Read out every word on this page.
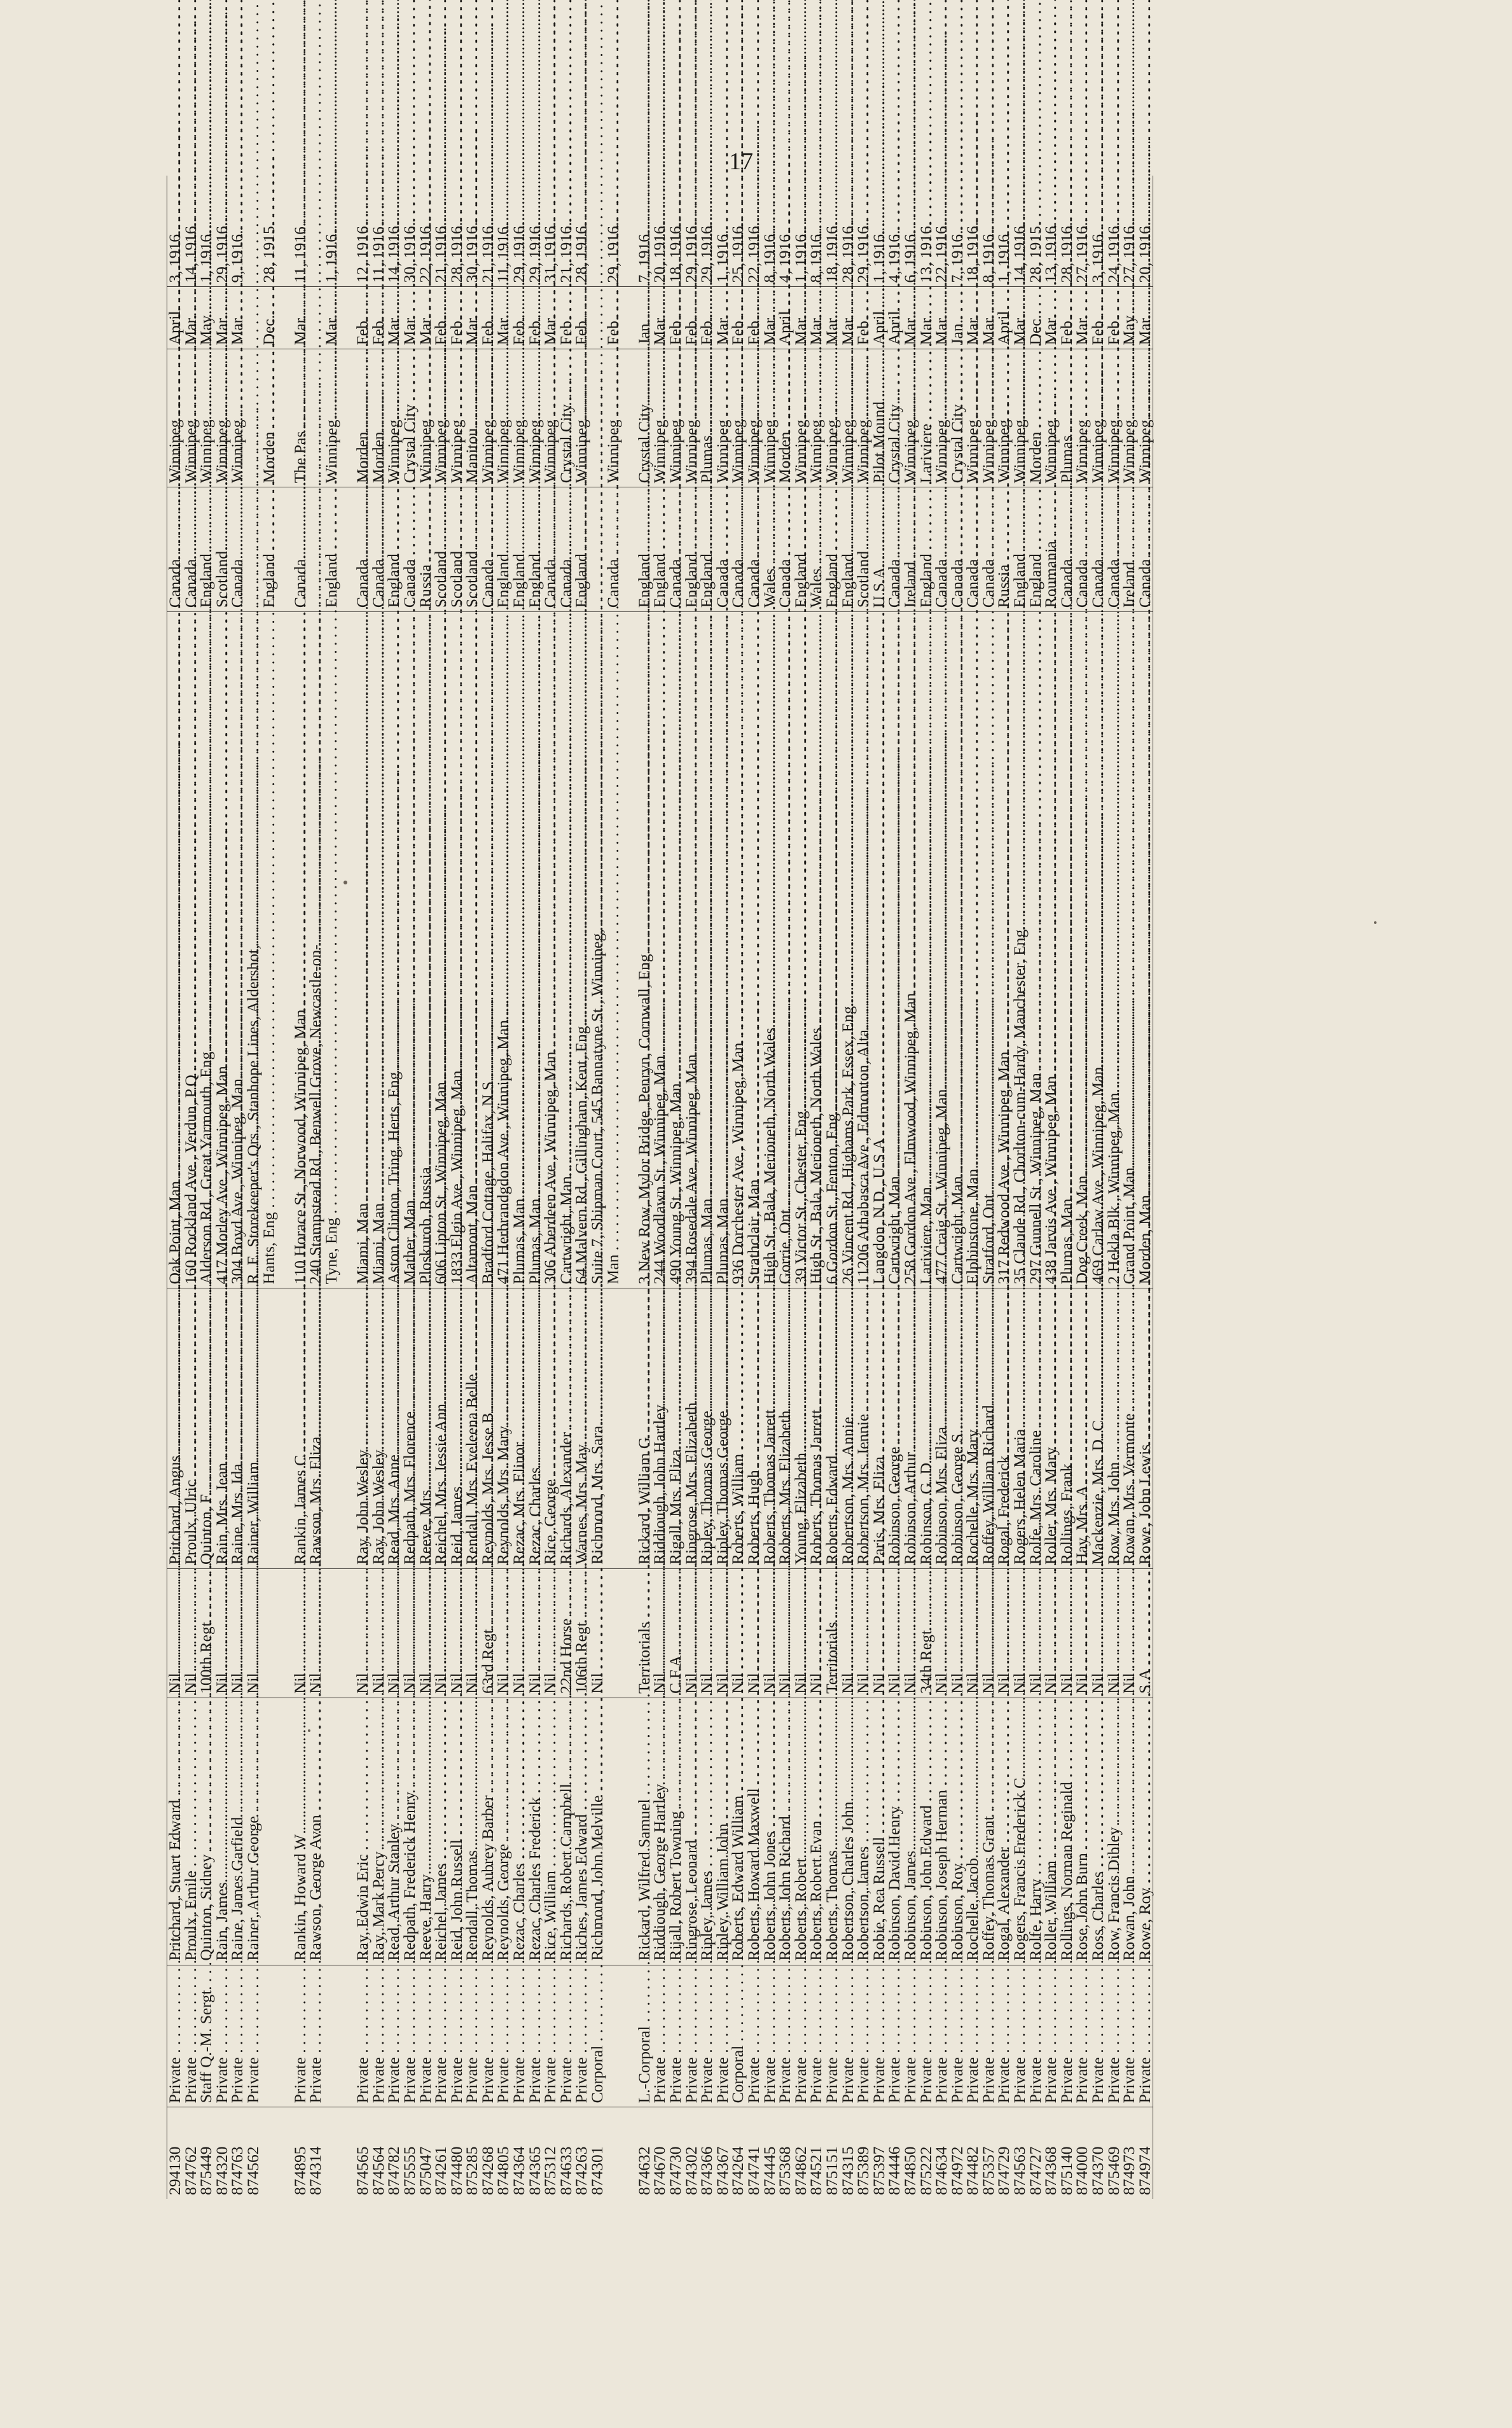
17
294130	Private . . .	Pritchard, Stuart Edward . . .	Nil . . .	Pritchard, Angus . . .	Oak Point, Man . . .	Canada . . .	Winnipeg . . .	April	3, 1916.
874762	Private . . .	Proulx, Emile . . .	Nil . . .	Proulx, Ulric . . .	160 Rockland Ave., Verdun, P.Q . . .	Canada . . .	Winnipeg . . .	Mar.	14, 1916.
875449	Staff Q.-M. Sergt. . . .	Quinton, Sidney . . .	100th Regt . . .	Quinton, F . . .	Alderson Rd., Great Yarmouth, Eng . . .	England . . .	Winnipeg . . .	May	1, 1916.
874320	Private . . .	Rain, James . . .	Nil . . .	Rain, Mrs. Jean . . .	417 Morley Ave., Winnipeg, Man . . .	Scotland . . .	Winnipeg . . .	Mar.	29, 1916.
874763	Private . . .	Raine, James Garfield . . .	Nil . . .	Raine, Mrs. Ida . . .	304 Boyd Ave., Winnipeg, Man . . .	Canada . . .	Winnipeg . . .	Mar.	9, 1916.
874562	Private . . .	Rainer, Arthur George . . .	Nil . . .	Rainer, William . . .	R. E. Storekeeper's Qrs., Stanhope Lines, Aldershot, . . .				
					Hants, Eng . . .	England . . .	Morden . . .	Dec.	28, 1915.

874895	Private . . .	Rankin, Howard W . . .	Nil . . .	Rankin, James C . . .	110 Horace St., Norwood, Winnipeg, Man . . .	Canada . . .	The Pas . . .	Mar.	11, 1916.
874314	Private . . .	Rawson, George Avon . . .	Nil . . .	Rawson, Mrs. Eliza . . .	240 Stampstead Rd., Benwell Grove, Newcastle-on- . . .				
					Tyne, Eng . . .	England . . .	Winnipeg . . .	Mar.	1, 1916.

874565	Private . . .	Ray, Edwin Eric . . .	Nil . . .	Ray, John Wesley . . .	Miami, Man . . .	Canada . . .	Morden . . .	Feb.	12, 1916.
874564	Private . . .	Ray, Mark Percy . . .	Nil . . .	Ray, John Wesley . . .	Miami, Man . . .	Canada . . .	Morden . . .	Feb.	11, 1916.
874782	Private . . .	Read, Arthur Stanley . . .	Nil . . .	Read, Mrs. Anne . . .	Aston Clinton, Tring, Herts, Eng . . .	England . . .	Winnipeg . . .	Mar.	14, 1916.
875555	Private . . .	Redpath, Frederick Henry . . .	Nil . . .	Redpath, Mrs. Florence . . .	Mather, Man . . .	Canada . . .	Crystal City . . .	Mar.	30, 1916.
875047	Private . . .	Reeve, Harry . . .	Nil . . .	Reeve, Mrs . . .	Ploskurob, Russia . . .	Russia . . .	Winnipeg . . .	Mar.	22, 1916.
874261	Private . . .	Reichel, James . . .	Nil . . .	Reichel, Mrs. Jessie Ann . . .	606 Lipton St., Winnipeg, Man . . .	Scotland . . .	Winnipeg . . .	Feb.	21, 1916.
874480	Private . . .	Reid, John Russell . . .	Nil . . .	Reid, James . . .	1833 Elgin Ave., Winnipeg, Man . . .	Scotland . . .	Winnipeg . . .	Feb.	28, 1916.
875285	Private . . .	Rendall, Thomas . . .	Nil . . .	Rendall, Mrs. Eveleena Belle . . .	Altamont, Man . . .	Scotland . . .	Manitou . . .	Mar.	30, 1916.
874268	Private . . .	Reynolds, Aubrey Barber . . .	63rd Regt . . .	Reynolds, Mrs. Jesse B . . .	Bradford Cottage, Halifax, N.S . . .	Canada . . .	Winnipeg . . .	Feb.	21, 1916.
874805	Private . . .	Reynolds, George . . .	Nil . . .	Reynolds, Mrs. Mary . . .	471 Herbrandgdon Ave., Winnipeg, Man . . .	England . . .	Winnipeg . . .	Mar.	11, 1916.
874364	Private . . .	Rezac, Charles . . .	Nil . . .	Rezac, Mrs. Elinor . . .	Plumas, Man . . .	England . . .	Winnipeg . . .	Feb.	29, 1916.
874365	Private . . .	Rezac, Charles Frederick . . .	Nil . . .	Rezac, Charles . . .	Plumas, Man . . .	England . . .	Winnipeg . . .	Feb.	29, 1916.
875312	Private . . .	Rice, William . . .	Nil . . .	Rice, George . . .	306 Aberdeen Ave., Winnipeg, Man . . .	Canada . . .	Winnipeg . . .	Mar.	31, 1916.
874633	Private . . .	Richards, Robert Campbell . . .	22nd Horse . . .	Richards, Alexander . . .	Cartwright, Man . . .	Canada . . .	Crystal City . . .	Feb.	21, 1916.
874263	Private . . .	Riches, James Edward . . .	106th Regt . . .	Warnes, Mrs. May . . .	64 Malvern Rd., Gillingham, Kent, Eng . . .	England . . .	Winnipeg . . .	Feb.	28, 1916.
874301	Corporal . . .	Richmond, John Melville . . .	Nil . . .	Richmond, Mrs. Sara . . .	Suite 7, Shipman Court, 545 Bannatyne St., Winnipeg, . . .				
					Man . . .	Canada . . .	Winnipeg . . .	Feb.	29, 1916.

874632	L.-Corporal . . .	Rickard, Wilfred Samuel . . .	Territorials . . .	Rickard, William G . . .	3 New Row, Mylor Bridge, Penryn, Cornwall, Eng . . .	England . . .	Crystal City . . .	Jan.	7, 1916.
874670	Private . . .	Riddiough, George Hartley . . .	Nil . . .	Riddiough, John Hartley . . .	244 Woodlawn St., Winnipeg, Man . . .	England . . .	Winnipeg . . .	Mar.	20, 1916.
874730	Private . . .	Rijall, Robert Towning . . .	C.F.A . . .	Rigall, Mrs. Eliza . . .	490 Young St., Winnipeg, Man . . .	Canada . . .	Winnipeg . . .	Feb.	18, 1916.
874302	Private . . .	Ringrose, Leonard . . .	Nil . . .	Ringrose, Mrs. Elizabeth . . .	394 Rosedale Ave., Winnipeg, Man . . .	England . . .	Winnipeg . . .	Feb.	29, 1916.
874366	Private . . .	Ripley, James . . .	Nil . . .	Ripley, Thomas George . . .	Plumas, Man . . .	England . . .	Plumas . . .	Feb.	29, 1916.
874367	Private . . .	Ripley, William John . . .	Nil . . .	Ripley, Thomas George . . .	Plumas, Man . . .	Canada . . .	Winnipeg . . .	Mar.	1, 1916.
874264	Corporal . . .	Roberts, Edward William . . .	Nil . . .	Roberts, William . . .	936 Dorchester Ave., Winnipeg, Man . . .	Canada . . .	Winnipeg . . .	Feb.	25, 1916.
874741	Private . . .	Roberts, Howard Maxwell . . .	Nil . . .	Roberts, Hugh . . .	Strathclair, Man . . .	Canada . . .	Winnipeg . . .	Feb.	22, 1916.
874445	Private . . .	Roberts, John Jones . . .	Nil . . .	Roberts, Thomas Jarrett . . .	High St., Bala, Merioneth, North Wales . . .	Wales . . .	Winnipeg . . .	Mar.	8, 1916.
875368	Private . . .	Roberts, John Richard . . .	Nil . . .	Roberts, Mrs. Elizabeth . . .	Gorrie, Ont . . .	Canada . . .	Morden . . .	April	4, 1916.
874862	Private . . .	Roberts, Robert . . .	Nil . . .	Young, Elizabeth . . .	39 Victor St., Chester, Eng . . .	England . . .	Winnipeg . . .	Mar.	1, 1916.
874521	Private . . .	Roberts, Robert Evan . . .	Nil . . .	Roberts, Thomas Jarrett . . .	High St., Bala, Merioneth, North Wales . . .	Wales . . .	Winnipeg . . .	Mar.	8, 1916.
875151	Private . . .	Roberts, Thomas . . .	Territorials . . .	Roberts, Edward . . .	6 Gordon St., Fenton, Eng . . .	England . . .	Winnipeg . . .	Mar.	18, 1916.
874315	Private . . .	Robertson, Charles John . . .	Nil . . .	Robertson, Mrs. Annie . . .	26 Vincent Rd., Highams Park, Essex, Eng . . .	England . . .	Winnipeg . . .	Mar.	28, 1916.
875389	Private . . .	Robertson, James . . .	Nil . . .	Robertson, Mrs. Jennie . . .	11206 Athabasca Ave., Edmonton, Alta . . .	Scotland . . .	Winnipeg . . .	Feb.	29, 1916.
875397	Private . . .	Robie, Rea Russell . . .	Nil . . .	Paris, Mrs. Eliza . . .	Langdon, N.D., U.S.A . . .	U.S.A . . .	Pilot Mound . . .	April	1, 1916.
874446	Private . . .	Robinson, David Henry . . .	Nil . . .	Robinson, George . . .	Cartwright, Man . . .	Canada . . .	Crystal City . . .	April	4, 1916.
874850	Private . . .	Robinson, James . . .	Nil . . .	Robinson, Arthur . . .	258 Gordon Ave., Elmwood, Winnipeg, Man . . .	Ireland . . .	Winnipeg . . .	Mar.	6, 1916.
875222	Private . . .	Robinson, John Edward . . .	34th Regt . . .	Robinson, G. D . . .	Lariviere, Man . . .	England . . .	Lariviere . . .	Mar.	13, 1916.
874634	Private . . .	Robinson, Joseph Herman . . .	Nil . . .	Robinson, Mrs. Eliza . . .	477 Craig St., Winnipeg, Man . . .	Canada . . .	Winnipeg . . .	Mar.	22, 1916.
874972	Private . . .	Robinson, Roy . . .	Nil . . .	Robinson, George S . . .	Cartwright, Man . . .	Canada . . .	Crystal City . . .	Jan.	7, 1916.
874482	Private . . .	Rochelle, Jacob . . .	Nil . . .	Rochelle, Mrs. Mary . . .	Elphinstone, Man . . .	Canada . . .	Winnipeg . . .	Mar.	18, 1916.
875357	Private . . .	Roffey, Thomas Grant . . .	Nil . . .	Roffey, William Richard . . .	Stratford, Ont . . .	Canada . . .	Winnipeg . . .	Mar.	8, 1916.
874729	Private . . .	Rogal, Alexander . . .	Nil . . .	Rogal, Frederick . . .	317 Redwood Ave., Winnipeg, Man . . .	Russia . . .	Winnipeg . . .	April	1, 1916.
874563	Private . . .	Rogers, Francis Frederick C . . .	Nil . . .	Rogers, Helen Maria . . .	35 Claude Rd., Chorlton-cum-Hardy, Manchester, Eng . . .	England . . .	Winnipeg . . .	Mar.	14, 1916.
874727	Private . . .	Rolfe, Harry . . .	Nil . . .	Rolfe, Mrs. Caroline . . .	297 Gunnell St., Winnipeg, Man . . .	England . . .	Morden . . .	Dec.	28, 1915.
874368	Private . . .	Roller, William . . .	Nil . . .	Roller, Mrs. Mary . . .	438 Jarvis Ave., Winnipeg, Man . . .	Roumania . . .	Winnipeg . . .	Mar.	13, 1916.
875140	Private . . .	Rollings, Norman Reginald . . .	Nil . . .	Rollings, Frank . . .	Plumas, Man . . .	Canada . . .	Plumas . . .	Feb.	28, 1916.
874000	Private . . .	Rose, John Burn . . .	Nil . . .	Hay, Mrs. A . . .	Dog Creek, Man . . .	Canada . . .	Winnipeg . . .	Mar.	27, 1916.
874370	Private . . .	Ross, Charles . . .	Nil . . .	Mackenzie, Mrs. D. C . . .	469 Carlaw Ave., Winnipeg, Man . . .	Canada . . .	Winnipeg . . .	Feb.	3, 1916.
875469	Private . . .	Row, Francis Dibley . . .	Nil . . .	Row, Mrs. John . . .	2 Hekla Blk., Winnipeg, Man . . .	Canada . . .	Winnipeg . . .	Feb.	24, 1916.
874973	Private . . .	Rowan, John . . .	Nil . . .	Rowan, Mrs. Vermonte . . .	Grand Point, Man . . .	Ireland . . .	Winnipeg . . .	May	27, 1916.
874974	Private . . .	Rowe, Roy . . .	S.A . . .	Rowe, John Lewis . . .	Morden, Man . . .	Canada . . .	Winnipeg . . .	Mar.	20, 1916.
